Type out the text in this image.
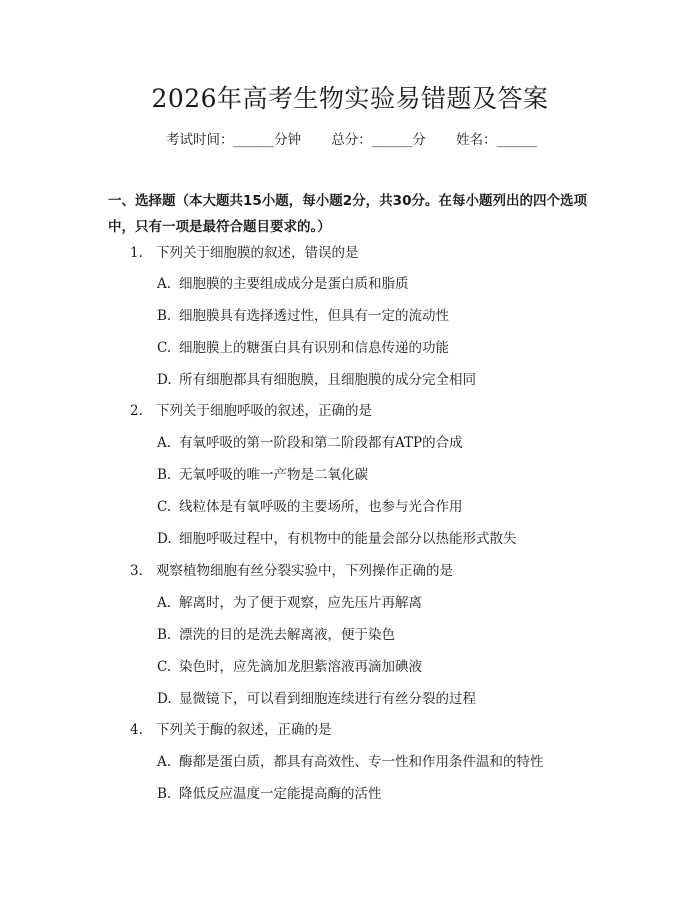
2026年高考生物实验易错题及答案
考试时间：______分钟 总分：______分 姓名：______
一、选择题（本大题共15小题，每小题2分，共30分。在每小题列出的四个选项中，只有一项是最符合题目要求的。）
1. 下列关于细胞膜的叙述，错误的是
A. 细胞膜的主要组成成分是蛋白质和脂质
B. 细胞膜具有选择透过性，但具有一定的流动性
C. 细胞膜上的糖蛋白具有识别和信息传递的功能
D. 所有细胞都具有细胞膜，且细胞膜的成分完全相同
2. 下列关于细胞呼吸的叙述，正确的是
A. 有氧呼吸的第一阶段和第二阶段都有ATP的合成
B. 无氧呼吸的唯一产物是二氧化碳
C. 线粒体是有氧呼吸的主要场所，也参与光合作用
D. 细胞呼吸过程中，有机物中的能量会部分以热能形式散失
3. 观察植物细胞有丝分裂实验中，下列操作正确的是
A. 解离时，为了便于观察，应先压片再解离
B. 漂洗的目的是洗去解离液，便于染色
C. 染色时，应先滴加龙胆紫溶液再滴加碘液
D. 显微镜下，可以看到细胞连续进行有丝分裂的过程
4. 下列关于酶的叙述，正确的是
A. 酶都是蛋白质，都具有高效性、专一性和作用条件温和的特性
B. 降低反应温度一定能提高酶的活性
